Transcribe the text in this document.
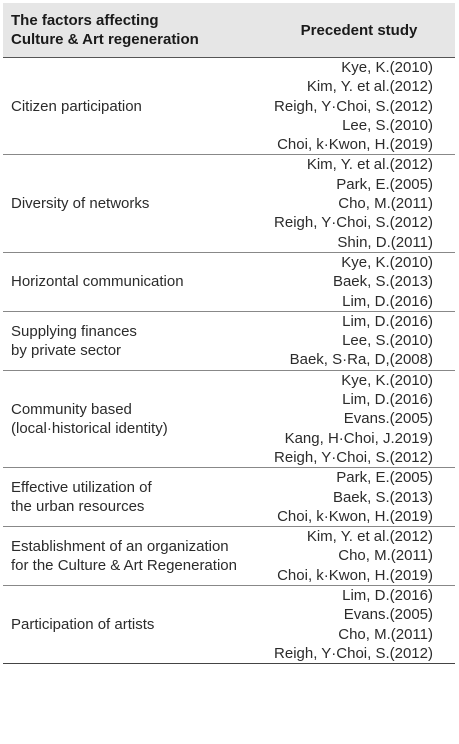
The factors affecting
Culture & Art regeneration	Precedent study

Citizen participation	Kye, K.(2010)
Kim, Y. et al.(2012)
Reigh, Y·Choi, S.(2012)
Lee, S.(2010)
Choi, k·Kwon, H.(2019)

Diversity of networks	Kim, Y. et al.(2012)
Park, E.(2005)
Cho, M.(2011)
Reigh, Y·Choi, S.(2012)
Shin, D.(2011)

Horizontal communication	Kye, K.(2010)
Baek, S.(2013)
Lim, D.(2016)

Supplying finances
by private sector	Lim, D.(2016)
Lee, S.(2010)
Baek, S·Ra, D,(2008)

Community based
(local·historical identity)	Kye, K.(2010)
Lim, D.(2016)
Evans.(2005)
Kang, H·Choi, J.2019)
Reigh, Y·Choi, S.(2012)

Effective utilization of
the urban resources	Park, E.(2005)
Baek, S.(2013)
Choi, k·Kwon, H.(2019)

Establishment of an organization
for the Culture & Art Regeneration	Kim, Y. et al.(2012)
Cho, M.(2011)
Choi, k·Kwon, H.(2019)

Participation of artists	Lim, D.(2016)
Evans.(2005)
Cho, M.(2011)
Reigh, Y·Choi, S.(2012)
